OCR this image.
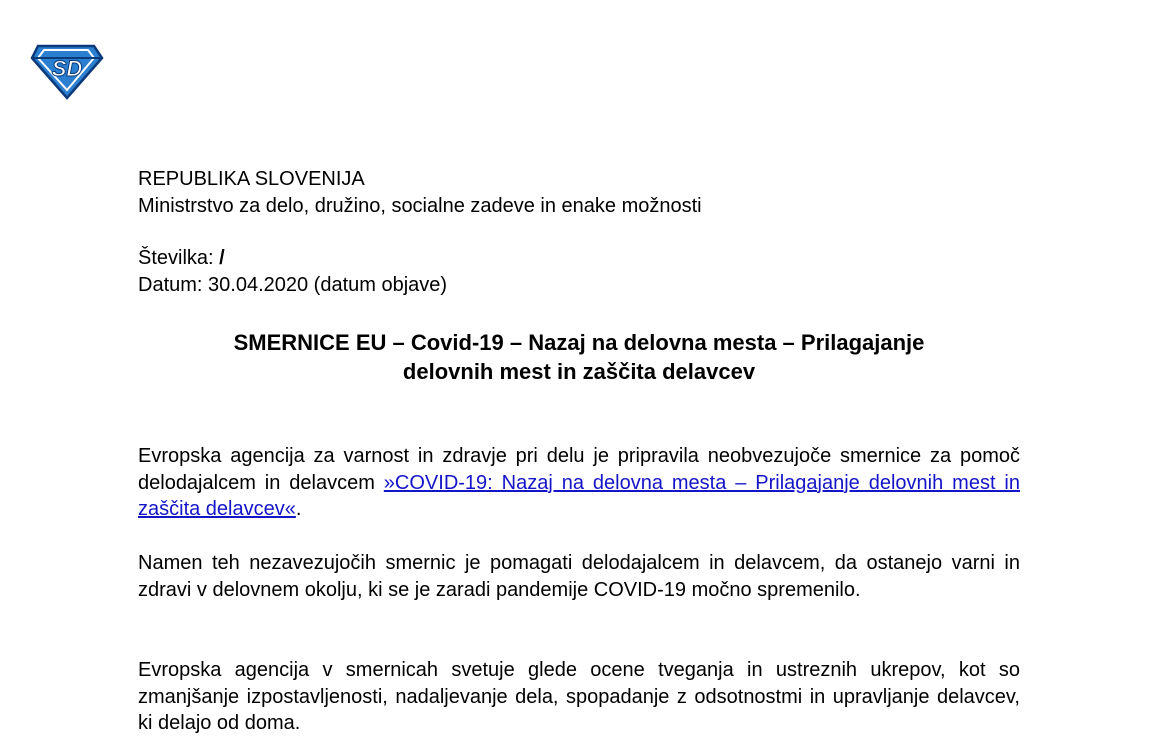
SD
REPUBLIKA SLOVENIJA
Ministrstvo za delo, družino, socialne zadeve in enake možnosti
Številka: /
Datum: 30.04.2020 (datum objave)
SMERNICE EU – Covid-19 – Nazaj na delovna mesta – Prilagajanje
delovnih mest in zaščita delavcev
Evropska agencija za varnost in zdravje pri delu je pripravila neobvezujoče smernice za pomoč delodajalcem in delavcem »COVID-19: Nazaj na delovna mesta – Prilagajanje delovnih mest in zaščita delavcev«.
Namen teh nezavezujočih smernic je pomagati delodajalcem in delavcem, da ostanejo varni in zdravi v delovnem okolju, ki se je zaradi pandemije COVID-19 močno spremenilo.
Evropska agencija v smernicah svetuje glede ocene tveganja in ustreznih ukrepov, kot so zmanjšanje izpostavljenosti, nadaljevanje dela, spopadanje z odsotnostmi in upravljanje delavcev, ki delajo od doma.
